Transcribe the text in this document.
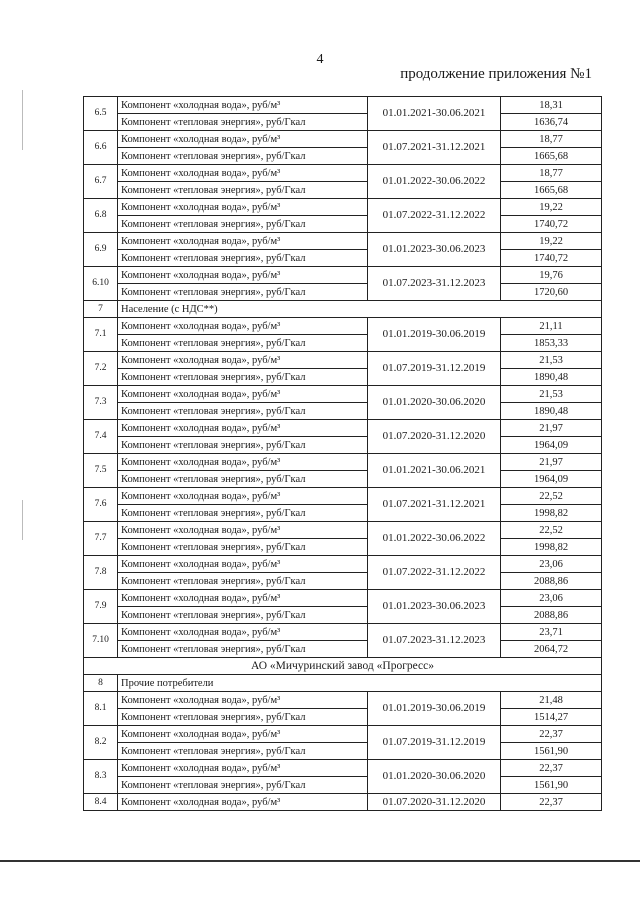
4
продолжение приложения №1
6.5	Компонент «холодная вода», руб/м³	01.01.2021-30.06.2021	18,31
	Компонент «тепловая энергия», руб/Гкал		1636,74
6.6	Компонент «холодная вода», руб/м³	01.07.2021-31.12.2021	18,77
	Компонент «тепловая энергия», руб/Гкал		1665,68
6.7	Компонент «холодная вода», руб/м³	01.01.2022-30.06.2022	18,77
	Компонент «тепловая энергия», руб/Гкал		1665,68
6.8	Компонент «холодная вода», руб/м³	01.07.2022-31.12.2022	19,22
	Компонент «тепловая энергия», руб/Гкал		1740,72
6.9	Компонент «холодная вода», руб/м³	01.01.2023-30.06.2023	19,22
	Компонент «тепловая энергия», руб/Гкал		1740,72
6.10	Компонент «холодная вода», руб/м³	01.07.2023-31.12.2023	19,76
	Компонент «тепловая энергия», руб/Гкал		1720,60
7	Население (с НДС**)		
7.1	Компонент «холодная вода», руб/м³	01.01.2019-30.06.2019	21,11
	Компонент «тепловая энергия», руб/Гкал		1853,33
7.2	Компонент «холодная вода», руб/м³	01.07.2019-31.12.2019	21,53
	Компонент «тепловая энергия», руб/Гкал		1890,48
7.3	Компонент «холодная вода», руб/м³	01.01.2020-30.06.2020	21,53
	Компонент «тепловая энергия», руб/Гкал		1890,48
7.4	Компонент «холодная вода», руб/м³	01.07.2020-31.12.2020	21,97
	Компонент «тепловая энергия», руб/Гкал		1964,09
7.5	Компонент «холодная вода», руб/м³	01.01.2021-30.06.2021	21,97
	Компонент «тепловая энергия», руб/Гкал		1964,09
7.6	Компонент «холодная вода», руб/м³	01.07.2021-31.12.2021	22,52
	Компонент «тепловая энергия», руб/Гкал		1998,82
7.7	Компонент «холодная вода», руб/м³	01.01.2022-30.06.2022	22,52
	Компонент «тепловая энергия», руб/Гкал		1998,82
7.8	Компонент «холодная вода», руб/м³	01.07.2022-31.12.2022	23,06
	Компонент «тепловая энергия», руб/Гкал		2088,86
7.9	Компонент «холодная вода», руб/м³	01.01.2023-30.06.2023	23,06
	Компонент «тепловая энергия», руб/Гкал		2088,86
7.10	Компонент «холодная вода», руб/м³	01.07.2023-31.12.2023	23,71
	Компонент «тепловая энергия», руб/Гкал		2064,72
АО «Мичуринский завод «Прогресс»			
8	Прочие потребители		
8.1	Компонент «холодная вода», руб/м³	01.01.2019-30.06.2019	21,48
	Компонент «тепловая энергия», руб/Гкал		1514,27
8.2	Компонент «холодная вода», руб/м³	01.07.2019-31.12.2019	22,37
	Компонент «тепловая энергия», руб/Гкал		1561,90
8.3	Компонент «холодная вода», руб/м³	01.01.2020-30.06.2020	22,37
	Компонент «тепловая энергия», руб/Гкал		1561,90
8.4	Компонент «холодная вода», руб/м³	01.07.2020-31.12.2020	22,37
